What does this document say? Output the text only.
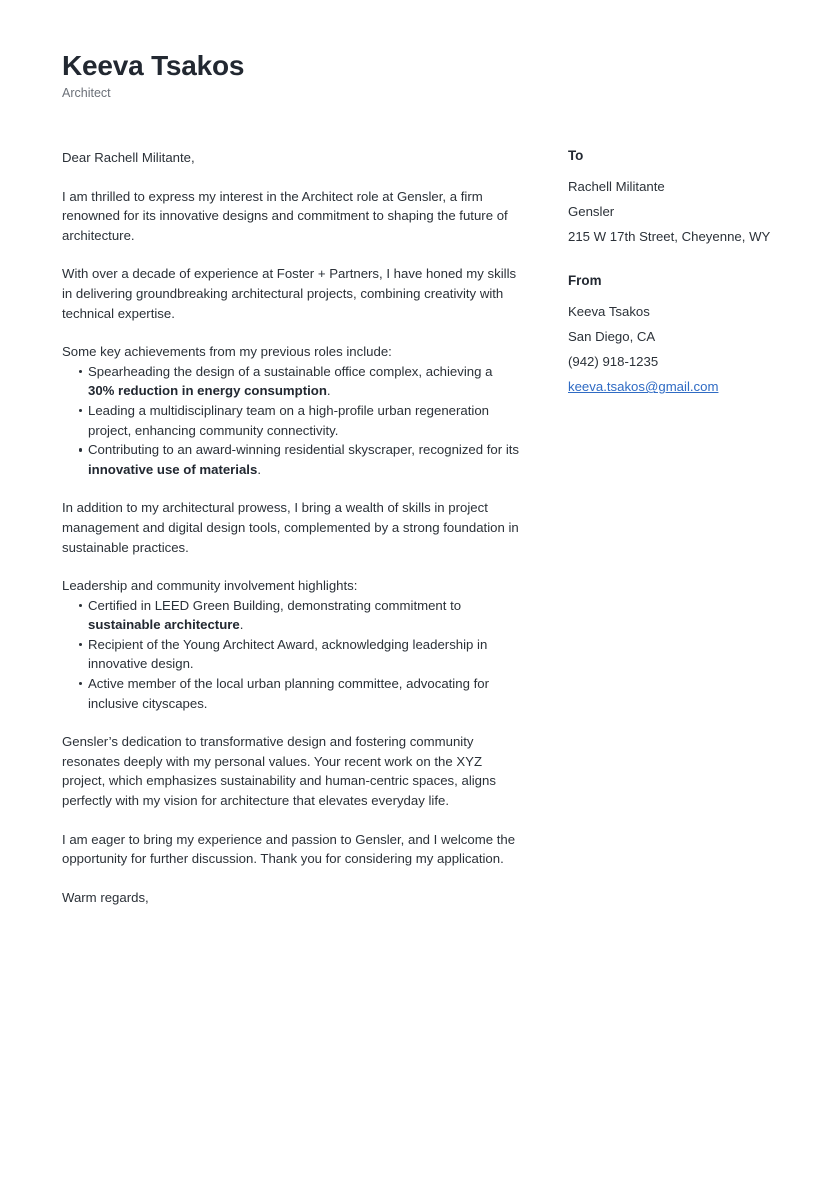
Keeva Tsakos
Architect

Dear Rachell Militante,

I am thrilled to express my interest in the Architect role at Gensler, a firm renowned for its innovative designs and commitment to shaping the future of architecture.

With over a decade of experience at Foster + Partners, I have honed my skills in delivering groundbreaking architectural projects, combining creativity with technical expertise.

Some key achievements from my previous roles include:

Spearheading the design of a sustainable office complex, achieving a 30% reduction in energy consumption.
Leading a multidisciplinary team on a high-profile urban regeneration project, enhancing community connectivity.
Contributing to an award-winning residential skyscraper, recognized for its innovative use of materials.

In addition to my architectural prowess, I bring a wealth of skills in project management and digital design tools, complemented by a strong foundation in sustainable practices.

Leadership and community involvement highlights:

Certified in LEED Green Building, demonstrating commitment to sustainable architecture.
Recipient of the Young Architect Award, acknowledging leadership in innovative design.
Active member of the local urban planning committee, advocating for inclusive cityscapes.

Gensler’s dedication to transformative design and fostering community resonates deeply with my personal values. Your recent work on the XYZ project, which emphasizes sustainability and human-centric spaces, aligns perfectly with my vision for architecture that elevates everyday life.

I am eager to bring my experience and passion to Gensler, and I welcome the opportunity for further discussion. Thank you for considering my application.

Warm regards,

To
Rachell Militante
Gensler
215 W 17th Street, Cheyenne, WY
From
Keeva Tsakos
San Diego, CA
(942) 918-1235
keeva.tsakos@gmail.com
